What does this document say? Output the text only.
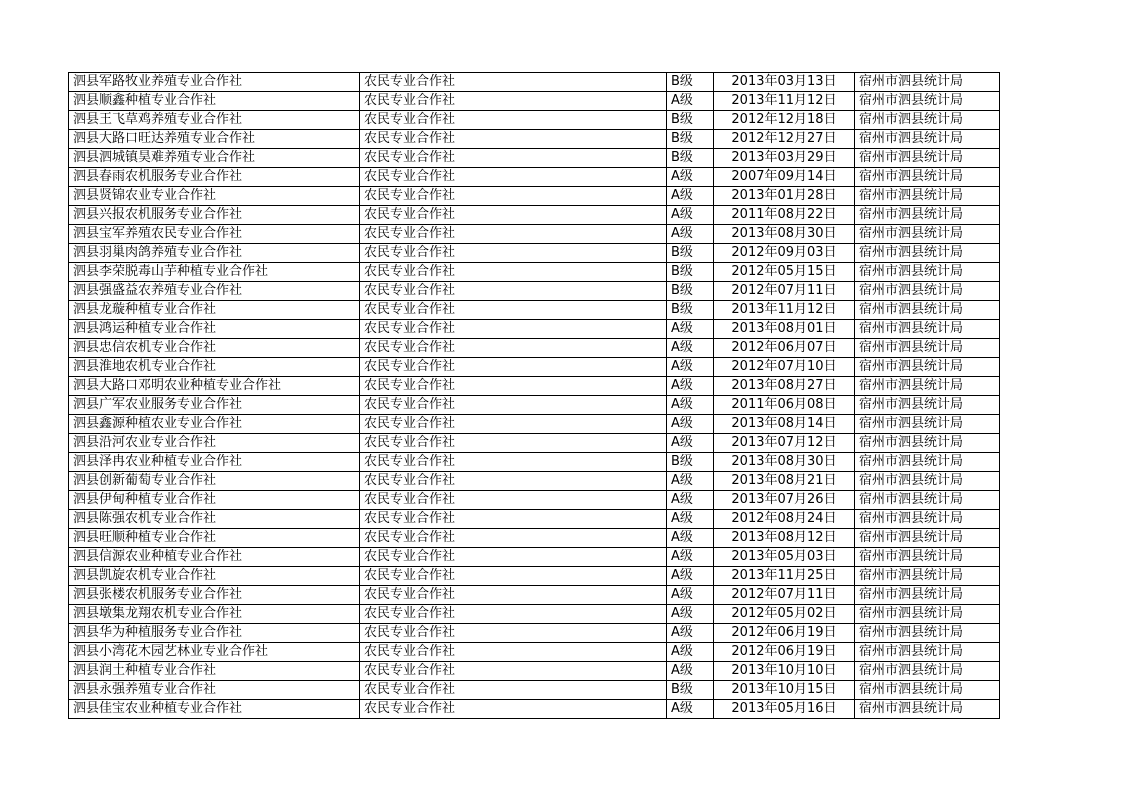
泗县军路牧业养殖专业合作社	农民专业合作社	B级	2013年03月13日	宿州市泗县统计局
泗县顺鑫种植专业合作社	农民专业合作社	A级	2013年11月12日	宿州市泗县统计局
泗县王飞草鸡养殖专业合作社	农民专业合作社	B级	2012年12月18日	宿州市泗县统计局
泗县大路口旺达养殖专业合作社	农民专业合作社	B级	2012年12月27日	宿州市泗县统计局
泗县泗城镇昊难养殖专业合作社	农民专业合作社	B级	2013年03月29日	宿州市泗县统计局
泗县春雨农机服务专业合作社	农民专业合作社	A级	2007年09月14日	宿州市泗县统计局
泗县贤锦农业专业合作社	农民专业合作社	A级	2013年01月28日	宿州市泗县统计局
泗县兴报农机服务专业合作社	农民专业合作社	A级	2011年08月22日	宿州市泗县统计局
泗县宝军养殖农民专业合作社	农民专业合作社	A级	2013年08月30日	宿州市泗县统计局
泗县羽巢肉鸽养殖专业合作社	农民专业合作社	B级	2012年09月03日	宿州市泗县统计局
泗县李荣脱毒山芋种植专业合作社	农民专业合作社	B级	2012年05月15日	宿州市泗县统计局
泗县强盛益农养殖专业合作社	农民专业合作社	B级	2012年07月11日	宿州市泗县统计局
泗县龙璇种植专业合作社	农民专业合作社	B级	2013年11月12日	宿州市泗县统计局
泗县鸿运种植专业合作社	农民专业合作社	A级	2013年08月01日	宿州市泗县统计局
泗县忠信农机专业合作社	农民专业合作社	A级	2012年06月07日	宿州市泗县统计局
泗县淮地农机专业合作社	农民专业合作社	A级	2012年07月10日	宿州市泗县统计局
泗县大路口邓明农业种植专业合作社	农民专业合作社	A级	2013年08月27日	宿州市泗县统计局
泗县广军农业服务专业合作社	农民专业合作社	A级	2011年06月08日	宿州市泗县统计局
泗县鑫源种植农业专业合作社	农民专业合作社	A级	2013年08月14日	宿州市泗县统计局
泗县沿河农业专业合作社	农民专业合作社	A级	2013年07月12日	宿州市泗县统计局
泗县泽冉农业种植专业合作社	农民专业合作社	B级	2013年08月30日	宿州市泗县统计局
泗县创新葡萄专业合作社	农民专业合作社	A级	2013年08月21日	宿州市泗县统计局
泗县伊甸种植专业合作社	农民专业合作社	A级	2013年07月26日	宿州市泗县统计局
泗县陈强农机专业合作社	农民专业合作社	A级	2012年08月24日	宿州市泗县统计局
泗县旺顺种植专业合作社	农民专业合作社	A级	2013年08月12日	宿州市泗县统计局
泗县信源农业种植专业合作社	农民专业合作社	A级	2013年05月03日	宿州市泗县统计局
泗县凯旋农机专业合作社	农民专业合作社	A级	2013年11月25日	宿州市泗县统计局
泗县张楼农机服务专业合作社	农民专业合作社	A级	2012年07月11日	宿州市泗县统计局
泗县墩集龙翔农机专业合作社	农民专业合作社	A级	2012年05月02日	宿州市泗县统计局
泗县华为种植服务专业合作社	农民专业合作社	A级	2012年06月19日	宿州市泗县统计局
泗县小湾花木园艺林业专业合作社	农民专业合作社	A级	2012年06月19日	宿州市泗县统计局
泗县润土种植专业合作社	农民专业合作社	A级	2013年10月10日	宿州市泗县统计局
泗县永强养殖专业合作社	农民专业合作社	B级	2013年10月15日	宿州市泗县统计局
泗县佳宝农业种植专业合作社	农民专业合作社	A级	2013年05月16日	宿州市泗县统计局
